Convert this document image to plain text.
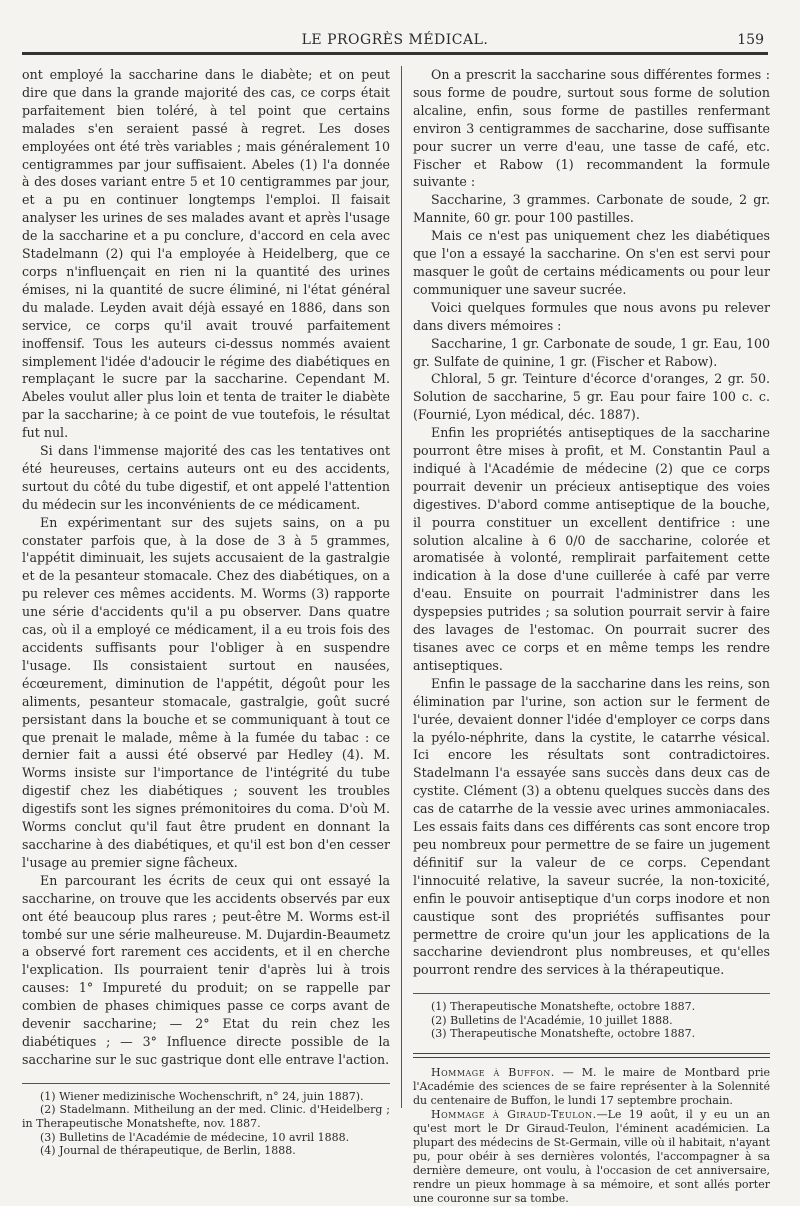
LE PROGRÈS MÉDICAL.	159

ont employé la saccharine dans le diabète; et on peut dire que dans la grande majorité des cas, ce corps était parfaitement bien toléré, à tel point que certains malades s'en seraient passé à regret. Les doses employées ont été très variables ; mais généralement 10 centigrammes par jour suffisaient. Abeles (1) l'a donnée à des doses variant entre 5 et 10 centigrammes par jour, et a pu en continuer longtemps l'emploi. Il faisait analyser les urines de ses malades avant et après l'usage de la saccharine et a pu conclure, d'accord en cela avec Stadelmann (2) qui l'a employée à Heidelberg, que ce corps n'influençait en rien ni la quantité des urines émises, ni la quantité de sucre éliminé, ni l'état général du malade. Leyden avait déjà essayé en 1886, dans son service, ce corps qu'il avait trouvé parfaitement inoffensif. Tous les auteurs ci-dessus nommés avaient simplement l'idée d'adoucir le régime des diabétiques en remplaçant le sucre par la saccharine. Cependant M. Abeles voulut aller plus loin et tenta de traiter le diabète par la saccharine; à ce point de vue toutefois, le résultat fut nul.

Si dans l'immense majorité des cas les tentatives ont été heureuses, certains auteurs ont eu des accidents, surtout du côté du tube digestif, et ont appelé l'attention du médecin sur les inconvénients de ce médicament.

En expérimentant sur des sujets sains, on a pu constater parfois que, à la dose de 3 à 5 grammes, l'appétit diminuait, les sujets accusaient de la gastralgie et de la pesanteur stomacale. Chez des diabétiques, on a pu relever ces mêmes accidents. M. Worms (3) rapporte une série d'accidents qu'il a pu observer. Dans quatre cas, où il a employé ce médicament, il a eu trois fois des accidents suffisants pour l'obliger à en suspendre l'usage. Ils consistaient surtout en nausées, écœurement, diminution de l'appétit, dégoût pour les aliments, pesanteur stomacale, gastralgie, goût sucré persistant dans la bouche et se communiquant à tout ce que prenait le malade, même à la fumée du tabac : ce dernier fait a aussi été observé par Hedley (4). M. Worms insiste sur l'importance de l'intégrité du tube digestif chez les diabétiques ; souvent les troubles digestifs sont les signes prémonitoires du coma. D'où M. Worms conclut qu'il faut être prudent en donnant la saccharine à des diabétiques, et qu'il est bon d'en cesser l'usage au premier signe fâcheux.

En parcourant les écrits de ceux qui ont essayé la saccharine, on trouve que les accidents observés par eux ont été beaucoup plus rares ; peut-être M. Worms est-il tombé sur une série malheureuse. M. Dujardin-Beaumetz a observé fort rarement ces accidents, et il en cherche l'explication. Ils pourraient tenir d'après lui à trois causes: 1° Impureté du produit; on se rappelle par combien de phases chimiques passe ce corps avant de devenir saccharine; — 2° Etat du rein chez les diabétiques ; — 3° Influence directe possible de la saccharine sur le suc gastrique dont elle entrave l'action.

(1) Wiener medizinische Wochenschrift, n° 24, juin 1887).

(2) Stadelmann. Mitheilung an der med. Clinic. d'Heidelberg ; in Therapeutische Monatshefte, nov. 1887.

(3) Bulletins de l'Académie de médecine, 10 avril 1888.

(4) Journal de thérapeutique, de Berlin, 1888.

On a prescrit la saccharine sous différentes formes : sous forme de poudre, surtout sous forme de solution alcaline, enfin, sous forme de pastilles renfermant environ 3 centigrammes de saccharine, dose suffisante pour sucrer un verre d'eau, une tasse de café, etc. Fischer et Rabow (1) recommandent la formule suivante :

Saccharine, 3 grammes. Carbonate de soude, 2 gr. Mannite, 60 gr. pour 100 pastilles.

Mais ce n'est pas uniquement chez les diabétiques que l'on a essayé la saccharine. On s'en est servi pour masquer le goût de certains médicaments ou pour leur communiquer une saveur sucrée.

Voici quelques formules que nous avons pu relever dans divers mémoires :

Saccharine, 1 gr. Carbonate de soude, 1 gr. Eau, 100 gr. Sulfate de quinine, 1 gr. (Fischer et Rabow).

Chloral, 5 gr. Teinture d'écorce d'oranges, 2 gr. 50. Solution de saccharine, 5 gr. Eau pour faire 100 c. c. (Fournié, Lyon médical, déc. 1887).

Enfin les propriétés antiseptiques de la saccharine pourront être mises à profit, et M. Constantin Paul a indiqué à l'Académie de médecine (2) que ce corps pourrait devenir un précieux antiseptique des voies digestives. D'abord comme antiseptique de la bouche, il pourra constituer un excellent dentifrice : une solution alcaline à 6 0/0 de saccharine, colorée et aromatisée à volonté, remplirait parfaitement cette indication à la dose d'une cuillerée à café par verre d'eau. Ensuite on pourrait l'administrer dans les dyspepsies putrides ; sa solution pourrait servir à faire des lavages de l'estomac. On pourrait sucrer des tisanes avec ce corps et en même temps les rendre antiseptiques.

Enfin le passage de la saccharine dans les reins, son élimination par l'urine, son action sur le ferment de l'urée, devaient donner l'idée d'employer ce corps dans la pyélo-néphrite, dans la cystite, le catarrhe vésical. Ici encore les résultats sont contradictoires. Stadelmann l'a essayée sans succès dans deux cas de cystite. Clément (3) a obtenu quelques succès dans des cas de catarrhe de la vessie avec urines ammoniacales. Les essais faits dans ces différents cas sont encore trop peu nombreux pour permettre de se faire un jugement définitif sur la valeur de ce corps. Cependant l'innocuité relative, la saveur sucrée, la non-toxicité, enfin le pouvoir antiseptique d'un corps inodore et non caustique sont des propriétés suffisantes pour permettre de croire qu'un jour les applications de la saccharine deviendront plus nombreuses, et qu'elles pourront rendre des services à la thérapeutique.

(1) Therapeutische Monatshefte, octobre 1887.

(2) Bulletins de l'Académie, 10 juillet 1888.

(3) Therapeutische Monatshefte, octobre 1887.

Hommage à Buffon. — M. le maire de Montbard prie l'Académie des sciences de se faire représenter à la Solennité du centenaire de Buffon, le lundi 17 septembre prochain.

Hommage à Giraud-Teulon.—Le 19 août, il y eu un an qu'est mort le Dr Giraud-Teulon, l'éminent académicien. La plupart des médecins de St-Germain, ville où il habitait, n'ayant pu, pour obéir à ses dernières volontés, l'accompagner à sa dernière demeure, ont voulu, à l'occasion de cet anniversaire, rendre un pieux hommage à sa mémoire, et sont allés porter une couronne sur sa tombe.
